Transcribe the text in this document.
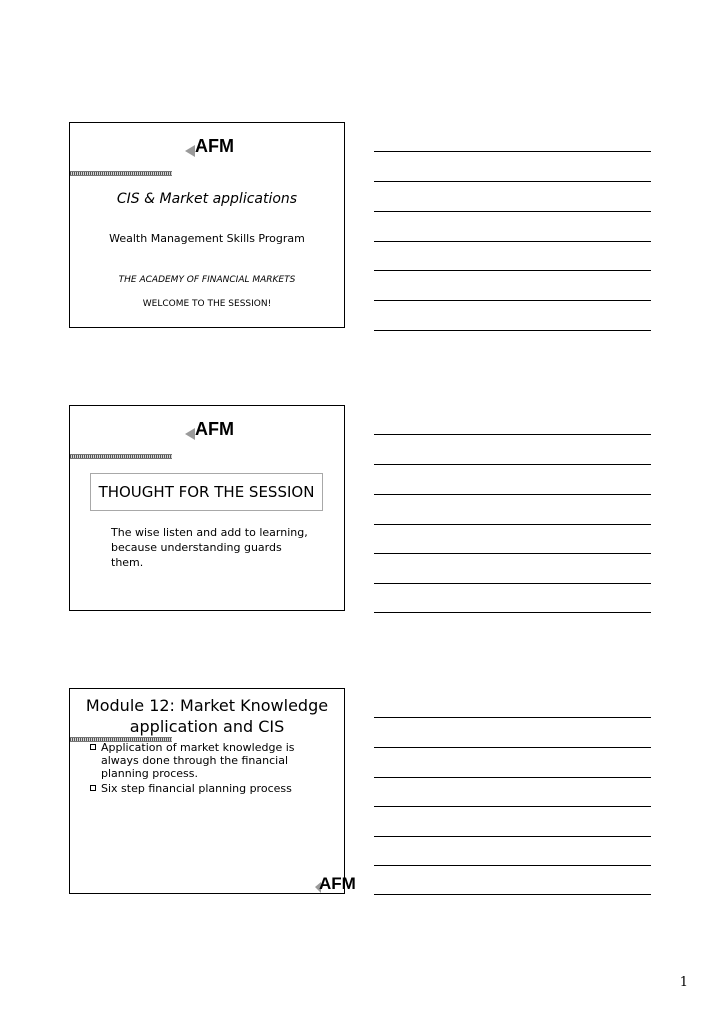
AFM
CIS & Market applications
Wealth Management Skills Program
THE ACADEMY OF FINANCIAL MARKETS
WELCOME TO THE SESSION!
AFM
THOUGHT FOR THE SESSION
The wise listen and add to learning, because understanding guards them.
Module 12: Market Knowledge application and CIS
Application of market knowledge is always done through the financial planning process.
Six step financial planning process
AFM
1
